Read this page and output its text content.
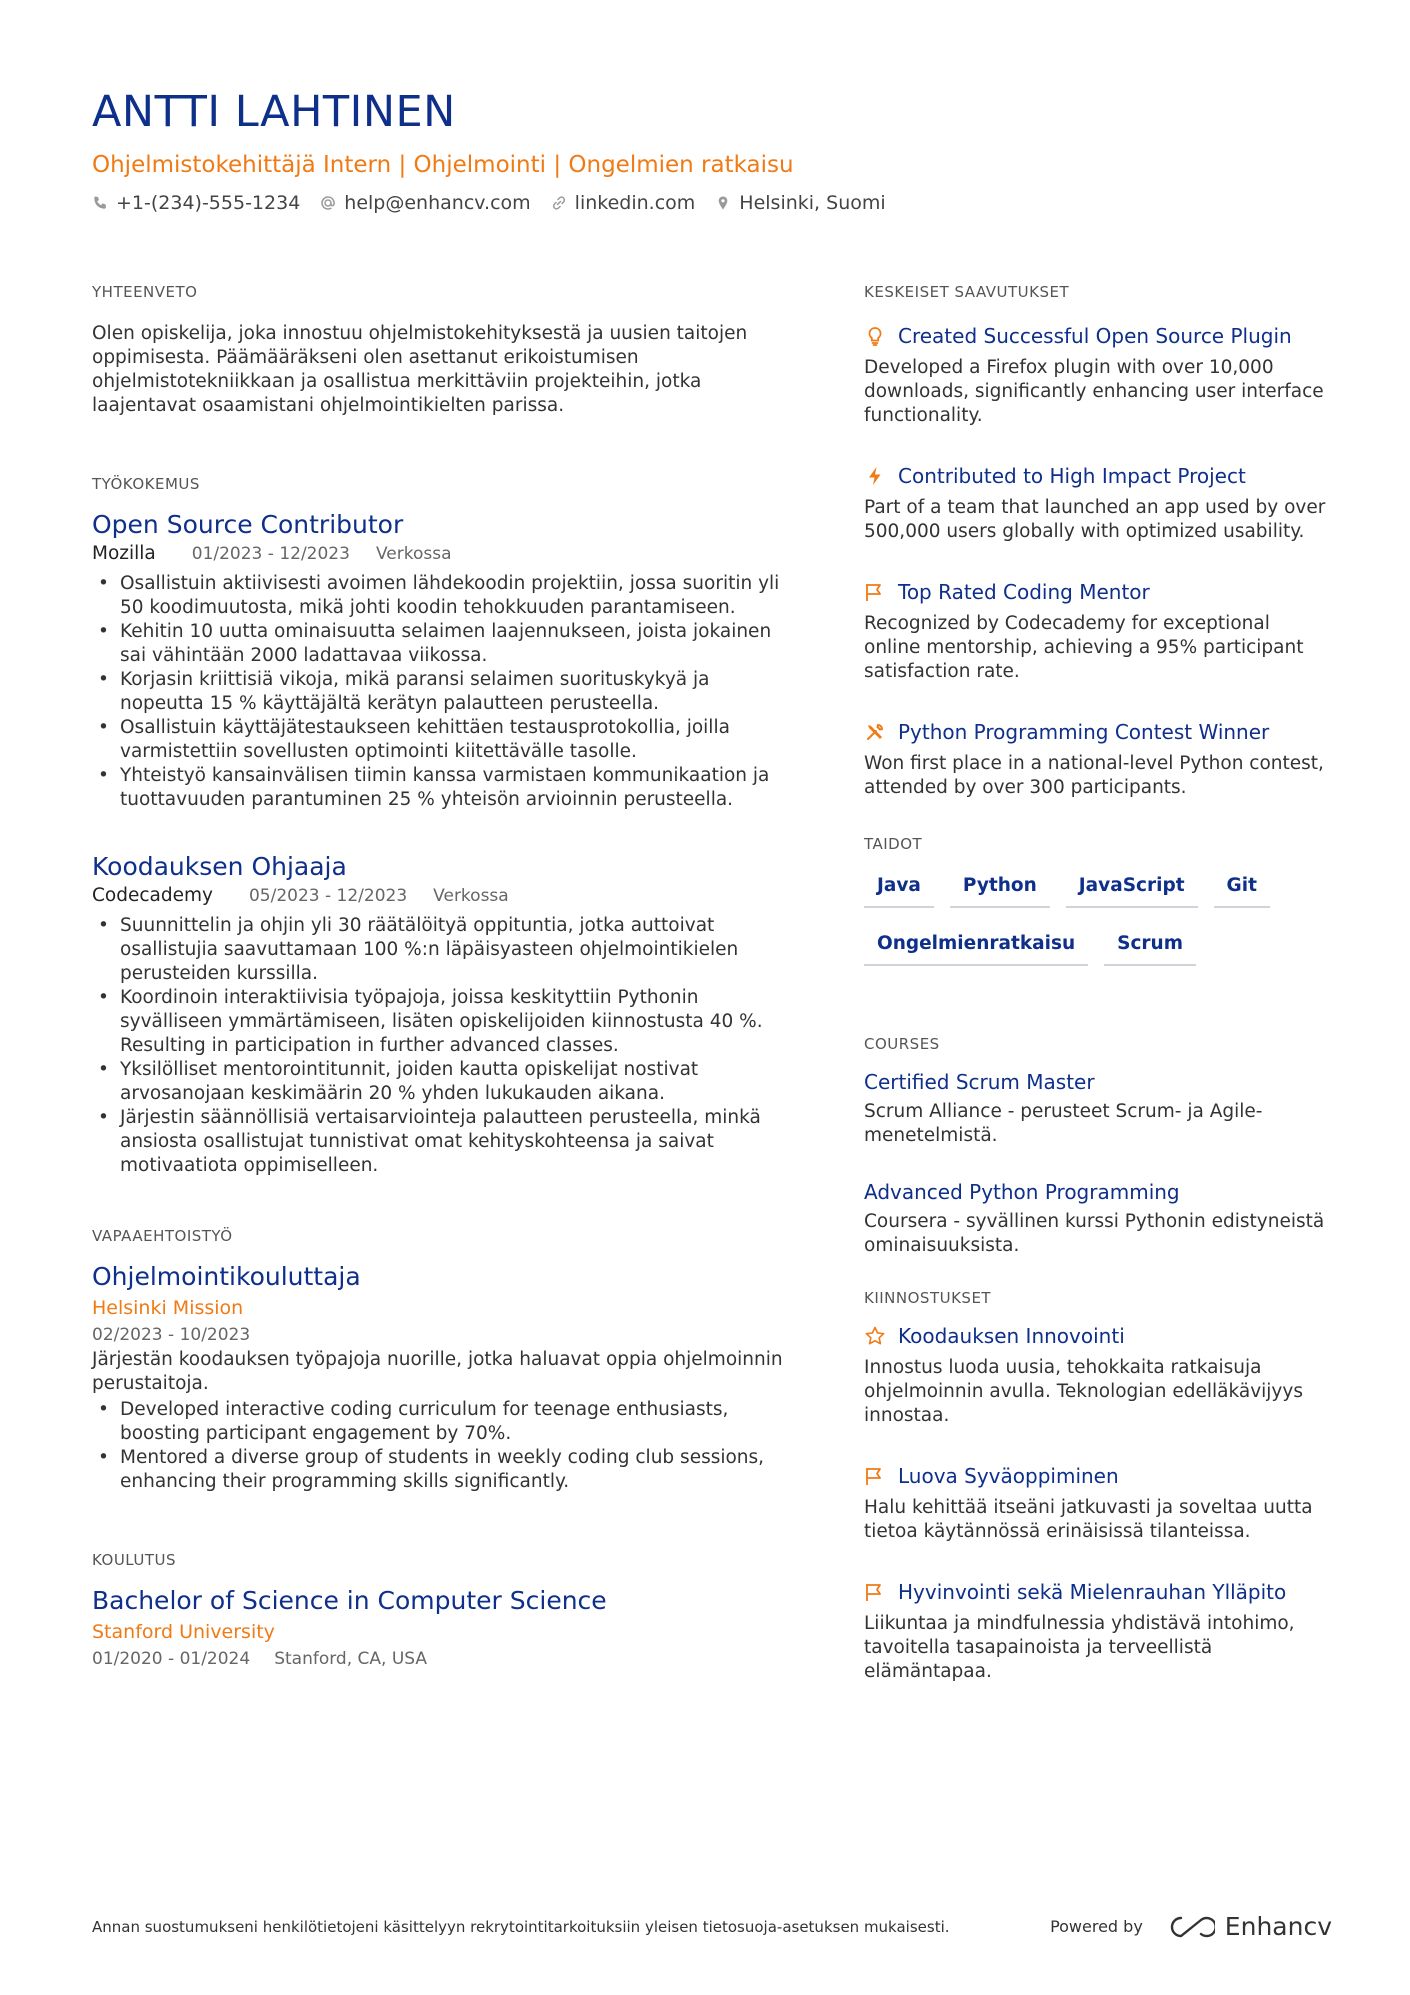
ANTTI LAHTINEN
Ohjelmistokehittäjä Intern | Ohjelmointi | Ongelmien ratkaisu
+1-(234)-555-1234 help@enhancv.com linkedin.com Helsinki, Suomi
YHTEENVETO
Olen opiskelija, joka innostuu ohjelmistokehityksestä ja uusien taitojen oppimisesta. Päämääräkseni olen asettanut erikoistumisen ohjelmistotekniikkaan ja osallistua merkittäviin projekteihin, jotka laajentavat osaamistani ohjelmointikielten parissa.
TYÖKOKEMUS
Open Source Contributor
Mozilla 01/2023 - 12/2023 Verkossa
• Osallistuin aktiivisesti avoimen lähdekoodin projektiin, jossa suoritin yli 50 koodimuutosta, mikä johti koodin tehokkuuden parantamiseen.
• Kehitin 10 uutta ominaisuutta selaimen laajennukseen, joista jokainen sai vähintään 2000 ladattavaa viikossa.
• Korjasin kriittisiä vikoja, mikä paransi selaimen suorituskykyä ja nopeutta 15 % käyttäjältä kerätyn palautteen perusteella.
• Osallistuin käyttäjätestaukseen kehittäen testausprotokollia, joilla varmistettiin sovellusten optimointi kiitettävälle tasolle.
• Yhteistyö kansainvälisen tiimin kanssa varmistaen kommunikaation ja tuottavuuden parantuminen 25 % yhteisön arvioinnin perusteella.
Koodauksen Ohjaaja
Codecademy 05/2023 - 12/2023 Verkossa
• Suunnittelin ja ohjin yli 30 räätälöityä oppituntia, jotka auttoivat osallistujia saavuttamaan 100 %:n läpäisyasteen ohjelmointikielen perusteiden kurssilla.
• Koordinoin interaktiivisia työpajoja, joissa keskityttiin Pythonin syvälliseen ymmärtämiseen, lisäten opiskelijoiden kiinnostusta 40 %. Resulting in participation in further advanced classes.
• Yksilölliset mentorointitunnit, joiden kautta opiskelijat nostivat arvosanojaan keskimäärin 20 % yhden lukukauden aikana.
• Järjestin säännöllisiä vertaisarviointeja palautteen perusteella, minkä ansiosta osallistujat tunnistivat omat kehityskohteensa ja saivat motivaatiota oppimiselleen.
VAPAAEHTOISTYÖ
Ohjelmointikouluttaja
Helsinki Mission
02/2023 - 10/2023
Järjestän koodauksen työpajoja nuorille, jotka haluavat oppia ohjelmoinnin perustaitoja.
• Developed interactive coding curriculum for teenage enthusiasts, boosting participant engagement by 70%.
• Mentored a diverse group of students in weekly coding club sessions, enhancing their programming skills significantly.
KOULUTUS
Bachelor of Science in Computer Science
Stanford University
01/2020 - 01/2024 Stanford, CA, USA
KESKEISET SAAVUTUKSET
Created Successful Open Source Plugin
Developed a Firefox plugin with over 10,000 downloads, significantly enhancing user interface functionality.
Contributed to High Impact Project
Part of a team that launched an app used by over 500,000 users globally with optimized usability.
Top Rated Coding Mentor
Recognized by Codecademy for exceptional online mentorship, achieving a 95% participant satisfaction rate.
Python Programming Contest Winner
Won first place in a national-level Python contest, attended by over 300 participants.
TAIDOT
Java	Python	JavaScript	Git
Ongelmienratkaisu	Scrum
COURSES
Certified Scrum Master
Scrum Alliance - perusteet Scrum- ja Agile-menetelmistä.
Advanced Python Programming
Coursera - syvällinen kurssi Pythonin edistyneistä ominaisuuksista.
KIINNOSTUKSET
Koodauksen Innovointi
Innostus luoda uusia, tehokkaita ratkaisuja ohjelmoinnin avulla. Teknologian edelläkävijyys innostaa.
Luova Syväoppiminen
Halu kehittää itseäni jatkuvasti ja soveltaa uutta tietoa käytännössä erinäisissä tilanteissa.
Hyvinvointi sekä Mielenrauhan Ylläpito
Liikuntaa ja mindfulnessia yhdistävä intohimo, tavoitella tasapainoista ja terveellistä elämäntapaa.
Annan suostumukseni henkilötietojeni käsittelyyn rekrytointitarkoituksiin yleisen tietosuoja-asetuksen mukaisesti.	Powered by	Enhancv
